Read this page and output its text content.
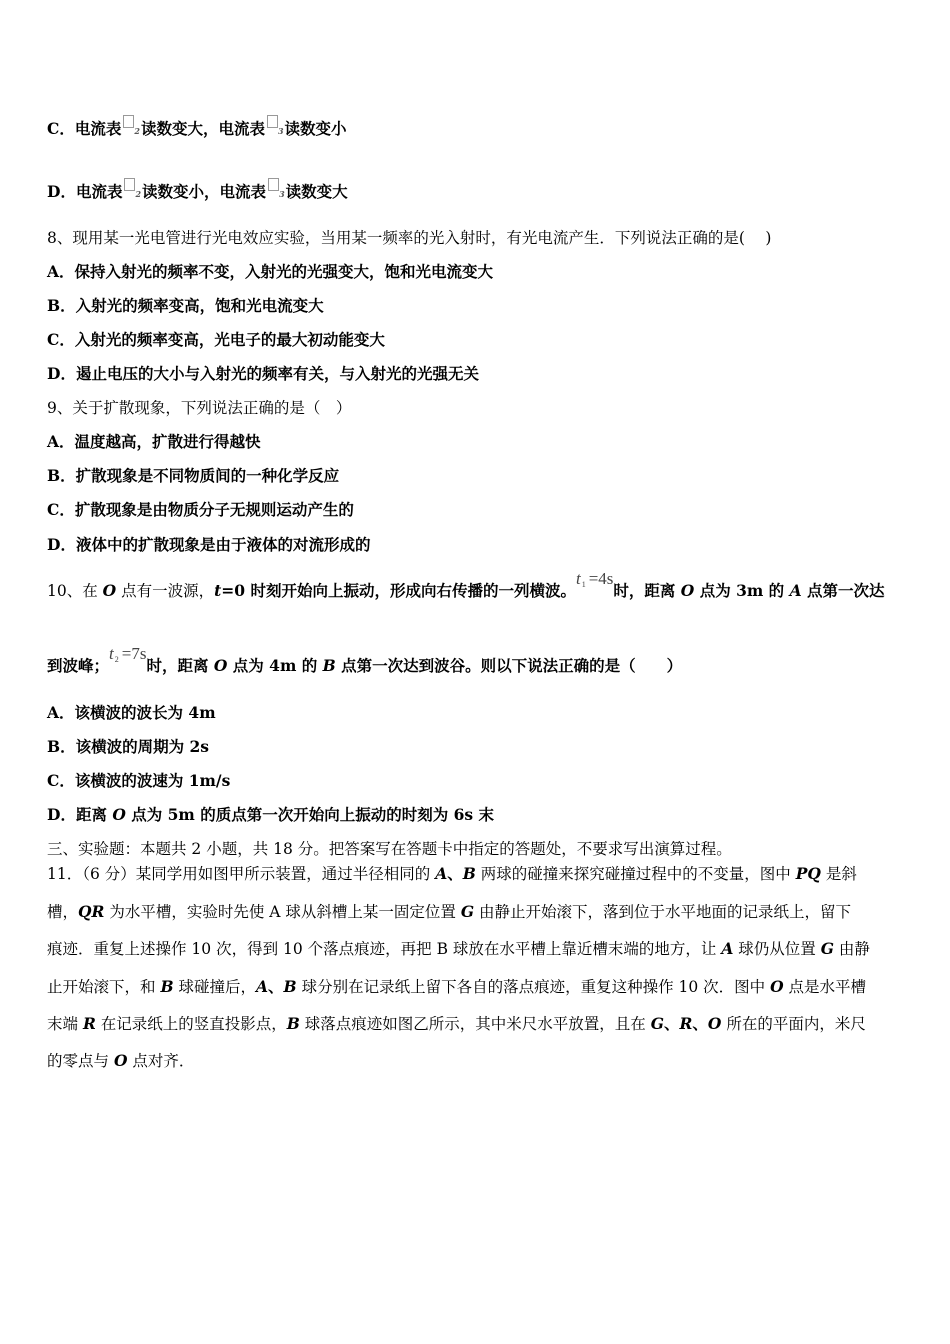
C．电流表 2读数变大，电流表 3读数变小
D．电流表 2读数变小，电流表 3读数变大
8、现用某一光电管进行光电效应实验，当用某一频率的光入射时，有光电流产生．下列说法正确的是(　 )
A．保持入射光的频率不变，入射光的光强变大，饱和光电流变大
B．入射光的频率变高，饱和光电流变大
C．入射光的频率变高，光电子的最大初动能变大
D．遏止电压的大小与入射光的频率有关，与入射光的光强无关
9、关于扩散现象，下列说法正确的是（　）
A．温度越高，扩散进行得越快
B．扩散现象是不同物质间的一种化学反应
C．扩散现象是由物质分子无规则运动产生的
D．液体中的扩散现象是由于液体的对流形成的
10、在 O 点有一波源，t=0 时刻开始向上振动，形成向右传播的一列横波。t1 =4s时，距离 O 点为 3m 的 A 点第一次达
到波峰；t2 =7s时，距离 O 点为 4m 的 B 点第一次达到波谷。则以下说法正确的是（　　）
A．该横波的波长为 4m
B．该横波的周期为 2s
C．该横波的波速为 1m/s
D．距离 O 点为 5m 的质点第一次开始向上振动的时刻为 6s 末
三、实验题：本题共 2 小题，共 18 分。把答案写在答题卡中指定的答题处，不要求写出演算过程。
11．（6 分）某同学用如图甲所示装置，通过半径相同的 A、B 两球的碰撞来探究碰撞过程中的不变量，图中 PQ 是斜
槽，QR 为水平槽，实验时先使 A 球从斜槽上某一固定位置 G 由静止开始滚下，落到位于水平地面的记录纸上，留下
痕迹．重复上述操作 10 次，得到 10 个落点痕迹，再把 B 球放在水平槽上靠近槽末端的地方，让 A 球仍从位置 G 由静
止开始滚下，和 B 球碰撞后，A、B 球分别在记录纸上留下各自的落点痕迹，重复这种操作 10 次．图中 O 点是水平槽
末端 R 在记录纸上的竖直投影点，B 球落点痕迹如图乙所示，其中米尺水平放置，且在 G、R、O 所在的平面内，米尺
的零点与 O 点对齐．
